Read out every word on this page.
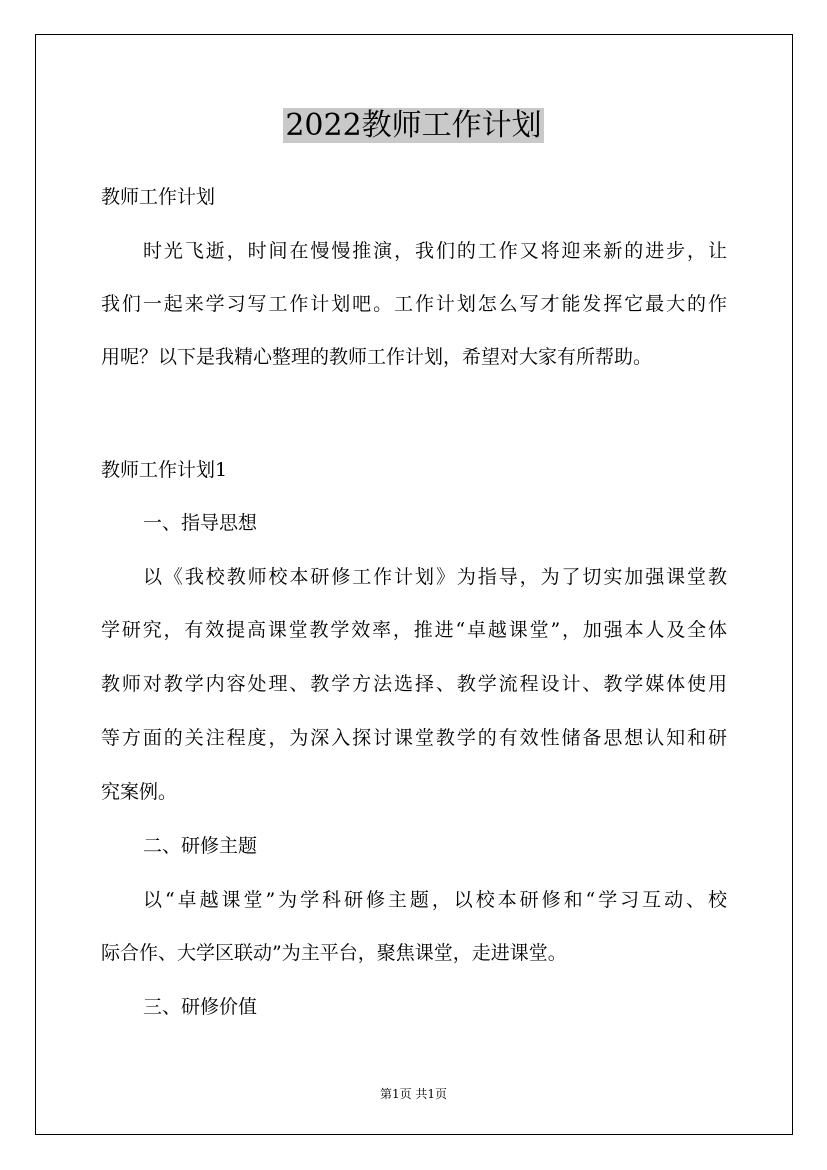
2022教师工作计划
教师工作计划
时光飞逝，时间在慢慢推演，我们的工作又将迎来新的进步，让
我们一起来学习写工作计划吧。工作计划怎么写才能发挥它最大的作
用呢？以下是我精心整理的教师工作计划，希望对大家有所帮助。
教师工作计划1
一、指导思想
以《我校教师校本研修工作计划》为指导，为了切实加强课堂教
学研究，有效提高课堂教学效率，推进“卓越课堂”，加强本人及全体
教师对教学内容处理、教学方法选择、教学流程设计、教学媒体使用
等方面的关注程度，为深入探讨课堂教学的有效性储备思想认知和研
究案例。
二、研修主题
以“卓越课堂”为学科研修主题，以校本研修和“学习互动、校
际合作、大学区联动”为主平台，聚焦课堂，走进课堂。
三、研修价值
第1页 共1页
